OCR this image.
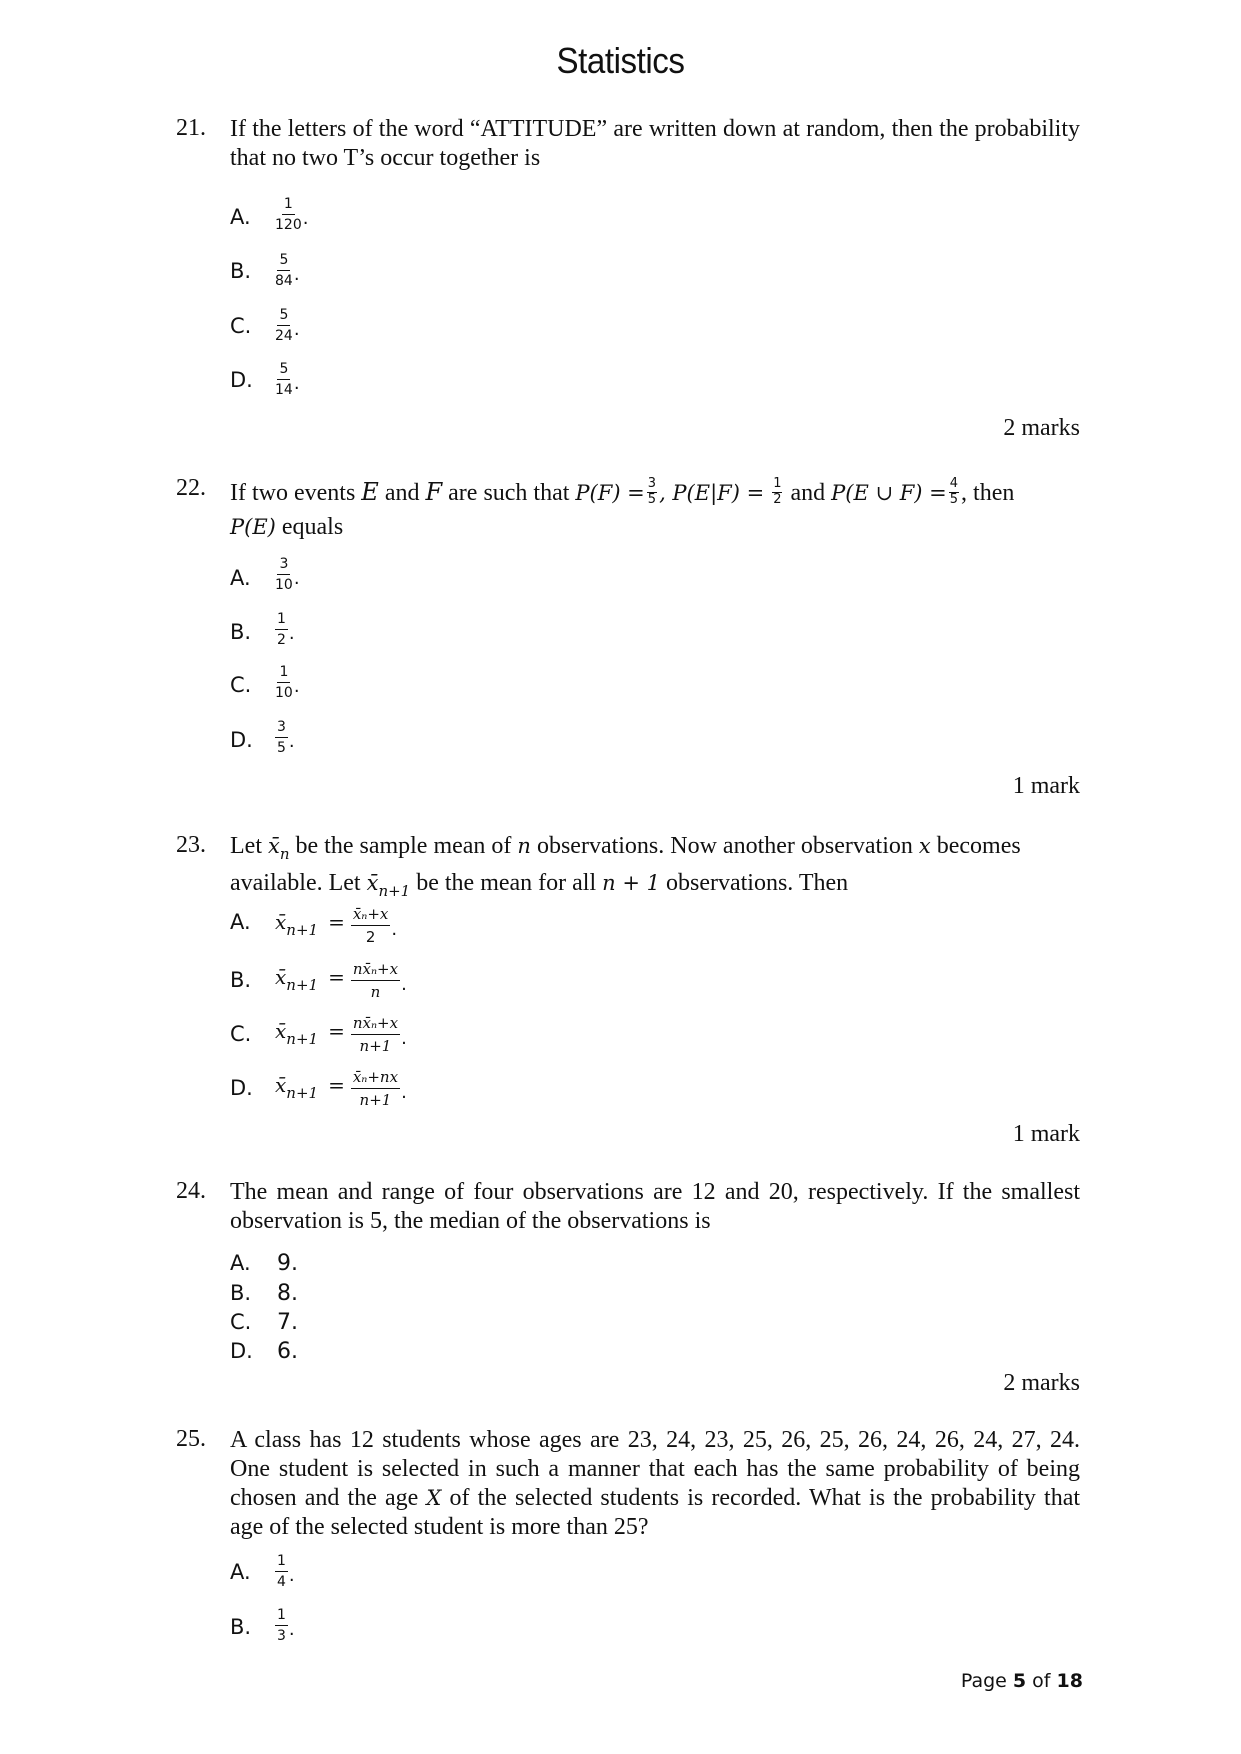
Statistics
21. If the letters of the word “ATTITUDE” are written down at random, then the probability that no two T’s occur together is
A. $\frac{1}{120}$ .
B. $\frac{5}{84}$ .
C. $\frac{5}{24}$ .
D. $\frac{5}{14}$ .
2 marks
22. If two events E and F are such that $P(F) = \frac{3}{5}$ , $P(E|F) = \frac{1}{2}$ and P(E ∪ $F) = \frac{4}{5}$ , then
P(E) equals
A. $\frac{3}{10}$ .
B. $\frac{1}{2}$ .
C. $\frac{1}{10}$ .
D. $\frac{3}{5}$ .
1 mark
23. Let $x̄_n$ be the sample mean of n observations. Now another observation x becomes
available. Let $x̄_{n+1}$ be the mean for all n + 1 observations. Then
A. x̄n+1 = $\frac{\text{x̄ₙ+x}}{2}$ .
B. x̄n+1 = $\frac{\text{nx̄ₙ+x}}{n}$ .
C. x̄n+1 = $\frac{\text{nx̄ₙ+x}}{n+1}$ .
D. x̄n+1 = $\frac{\text{x̄ₙ+nx}}{n+1}$ .
1 mark
24. The mean and range of four observations are 12 and 20, respectively. If the smallest observation is 5, the median of the observations is
A. 9.
B. 8.
C. 7.
D. 6.
2 marks
25. A class has 12 students whose ages are 23, 24, 23, 25, 26, 25, 26, 24, 26, 24, 27, 24. One student is selected in such a manner that each has the same probability of being chosen and the age X of the selected students is recorded. What is the probability that age of the selected student is more than 25?
A. $\frac{1}{4}$ .
B. $\frac{1}{3}$ .
Page 5 of 18
